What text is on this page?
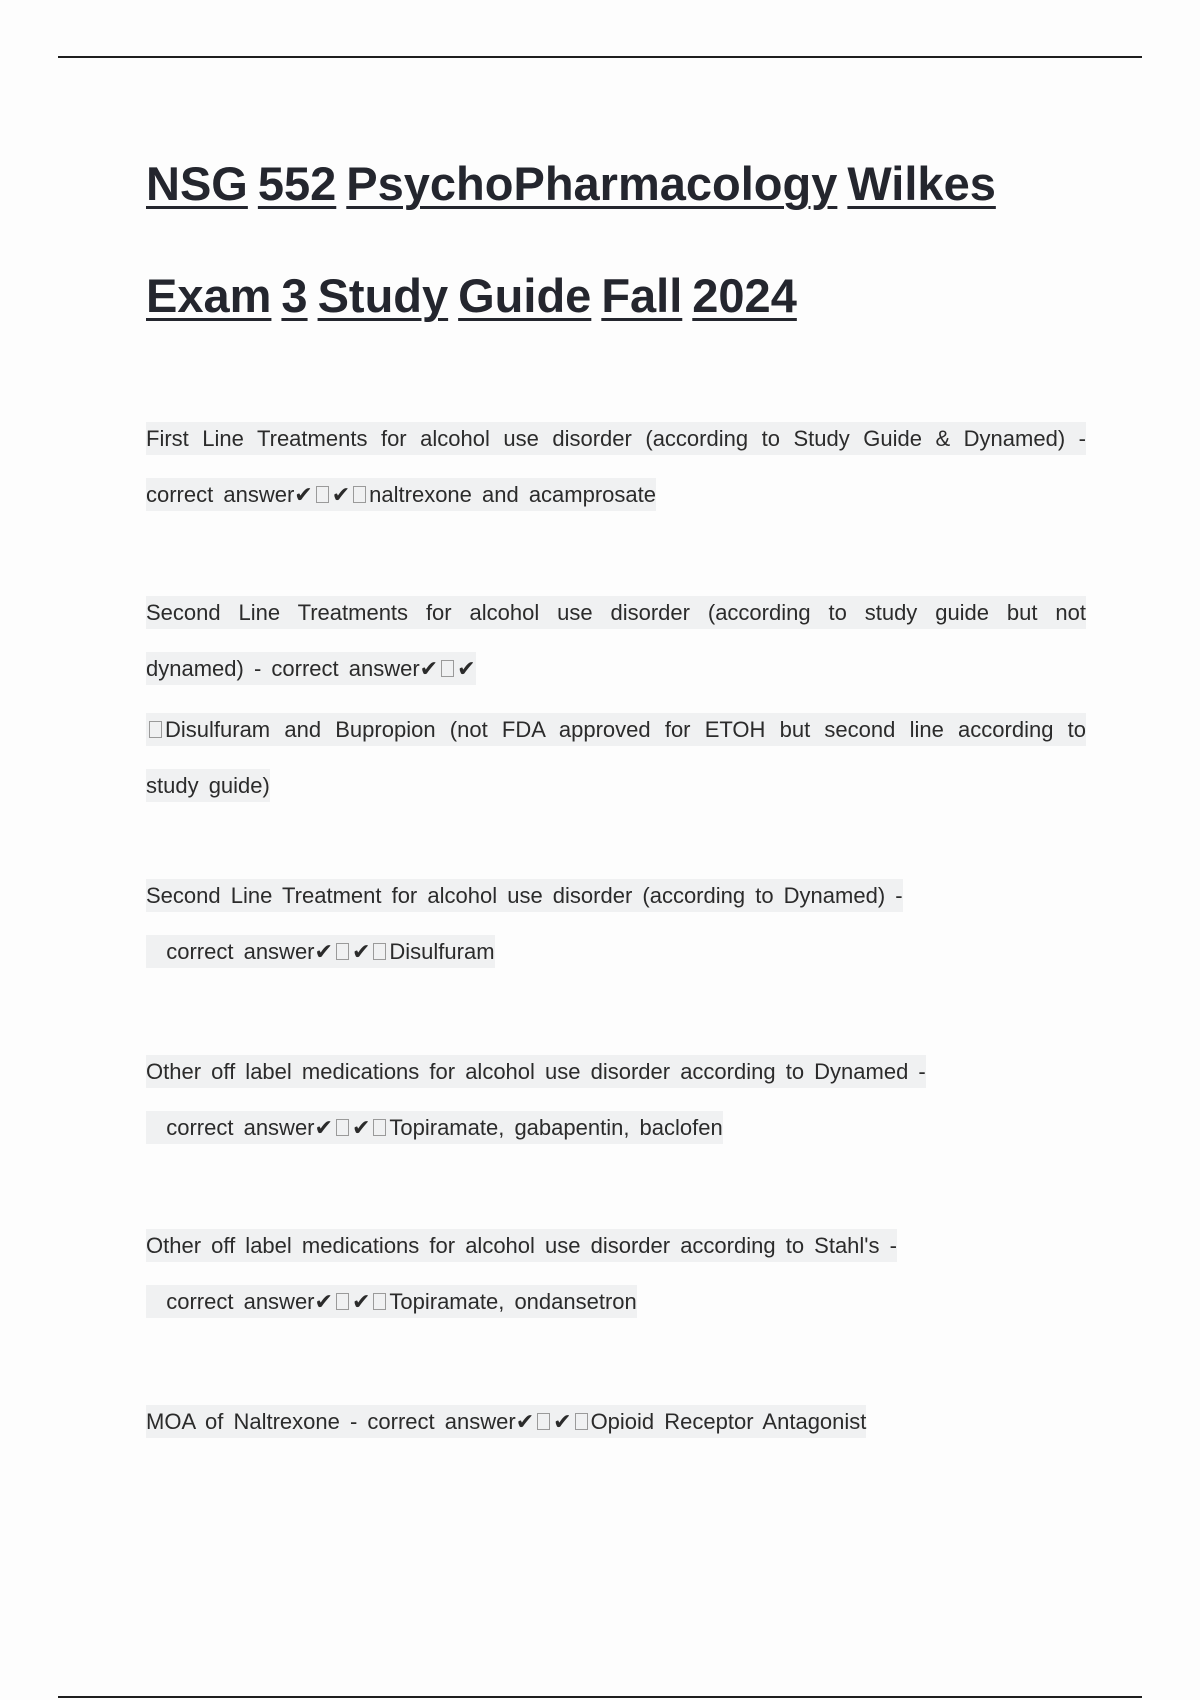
NSG 552 PsychoPharmacology Wilkes
Exam 3 Study Guide Fall 2024

First Line Treatments for alcohol use disorder (according to Study Guide & Dynamed) - correct answer✔ ✔ naltrexone and acamprosate

Second Line Treatments for alcohol use disorder (according to study guide but not dynamed) - correct answer✔ ✔

Disulfuram and Bupropion (not FDA approved for ETOH but second line according to study guide)

Second Line Treatment for alcohol use disorder (according to Dynamed) -
correct answer✔ ✔ Disulfuram

Other off label medications for alcohol use disorder according to Dynamed -
correct answer✔ ✔ Topiramate, gabapentin, baclofen

Other off label medications for alcohol use disorder according to Stahl's -
correct answer✔ ✔ Topiramate, ondansetron

MOA of Naltrexone - correct answer✔ ✔ Opioid Receptor Antagonist
